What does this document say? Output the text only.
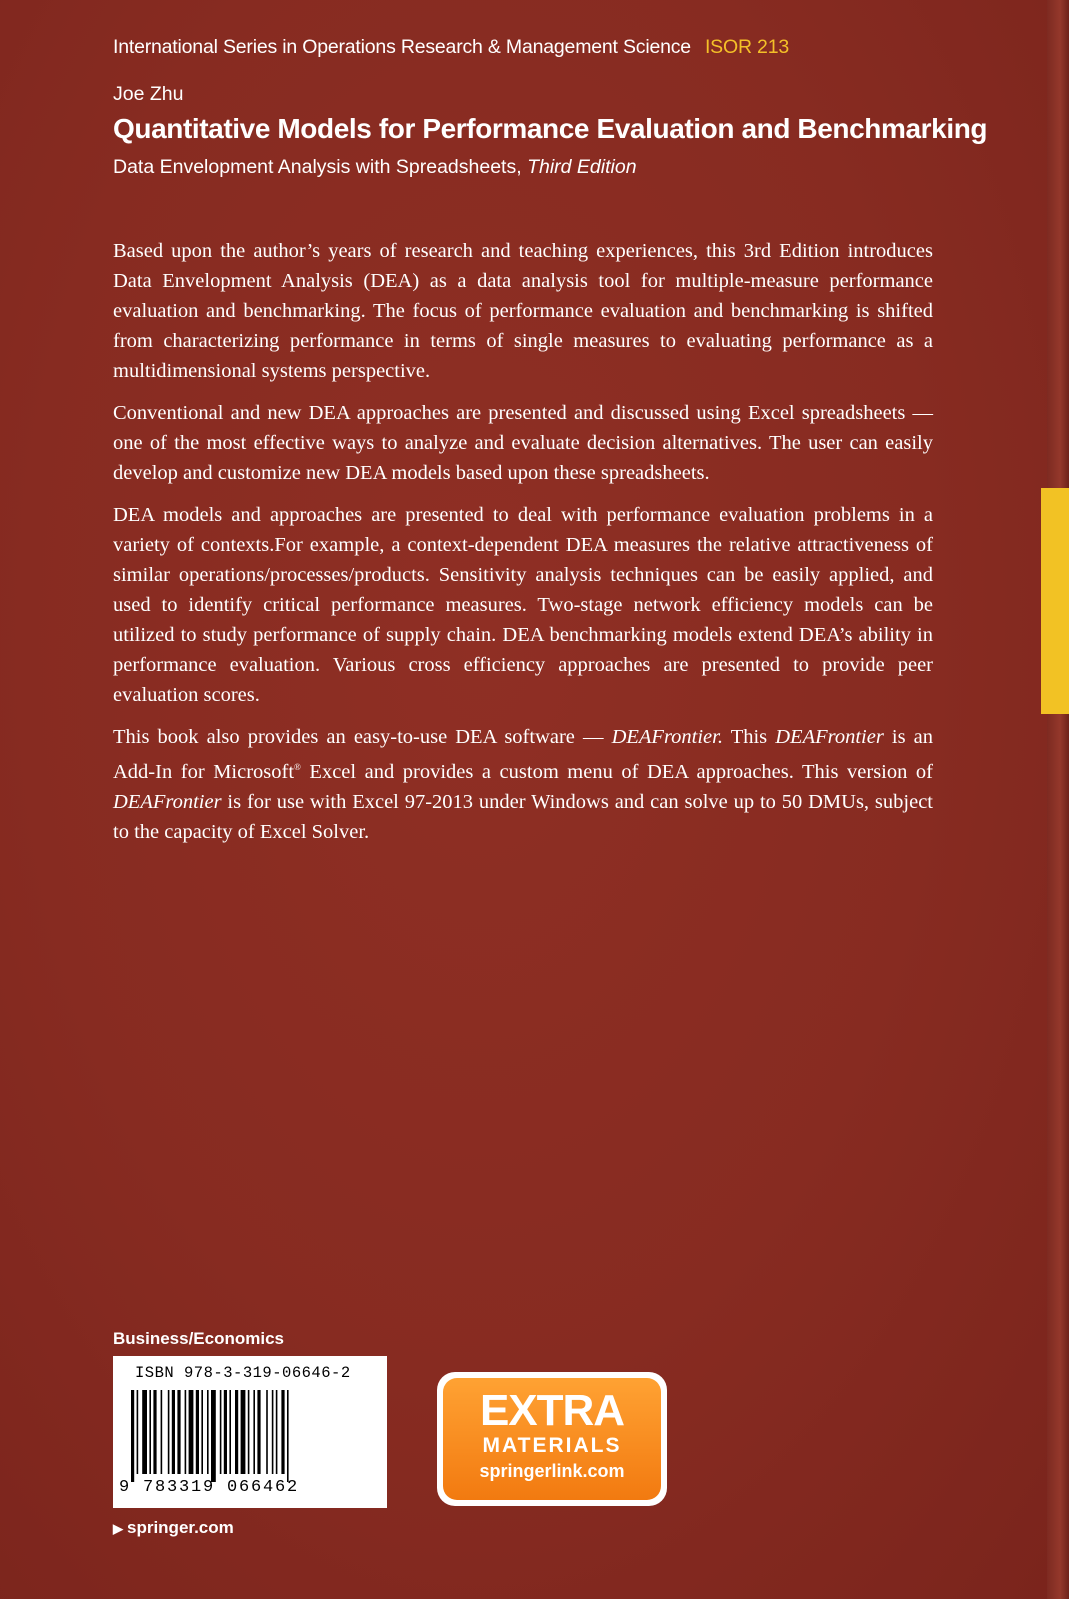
International Series in Operations Research & Management Science ISOR 213
Joe Zhu
Quantitative Models for Performance Evaluation and Benchmarking
Data Envelopment Analysis with Spreadsheets, Third Edition

Based upon the author’s years of research and teaching experiences, this 3rd Edition introduces Data Envelopment Analysis (DEA) as a data analysis tool for multiple-measure performance evaluation and benchmarking. The focus of performance evaluation and benchmarking is shifted from characterizing performance in terms of single measures to evaluating performance as a multidimensional systems perspective.

Conventional and new DEA approaches are presented and discussed using Excel spreadsheets — one of the most effective ways to analyze and evaluate decision alternatives. The user can easily develop and customize new DEA models based upon these spreadsheets.

DEA models and approaches are presented to deal with performance evaluation problems in a variety of contexts.For example, a context-dependent DEA measures the relative attractiveness of similar operations/processes/products. Sensitivity analysis techniques can be easily applied, and used to identify critical performance measures. Two-stage network efficiency models can be utilized to study performance of supply chain. DEA benchmarking models extend DEA’s ability in performance evaluation. Various cross efficiency approaches are presented to provide peer evaluation scores.

This book also provides an easy-to-use DEA software — DEAFrontier. This DEAFrontier is an Add-In for Microsoft® Excel and provides a custom menu of DEA approaches. This version of DEAFrontier is for use with Excel 97-2013 under Windows and can solve up to 50 DMUs, subject to the capacity of Excel Solver.

Business/Economics
ISBN 978-3-319-06646-2
9 783319 066462
▶ springer.com
EXTRA
MATERIALS
springerlink.com
